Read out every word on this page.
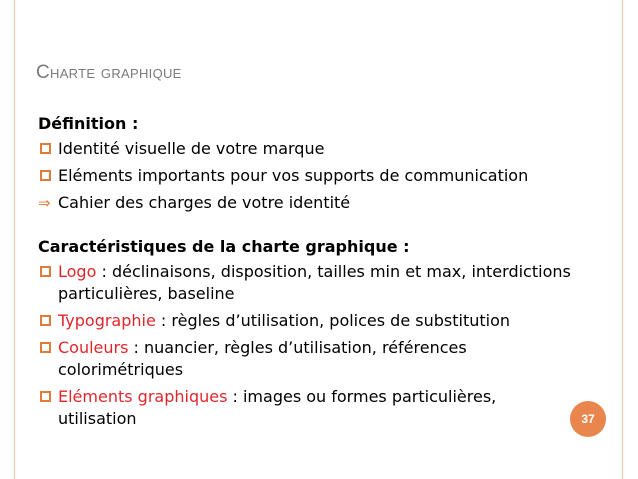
Charte graphique
Définition :
Identité visuelle de votre marque
Eléments importants pour vos supports de communication
⇒ Cahier des charges de votre identité
Caractéristiques de la charte graphique :
Logo : déclinaisons, disposition, tailles min et max, interdictions particulières, baseline
Typographie : règles d’utilisation, polices de substitution
Couleurs : nuancier, règles d’utilisation, références colorimétriques
Eléments graphiques : images ou formes particulières, utilisation	37
